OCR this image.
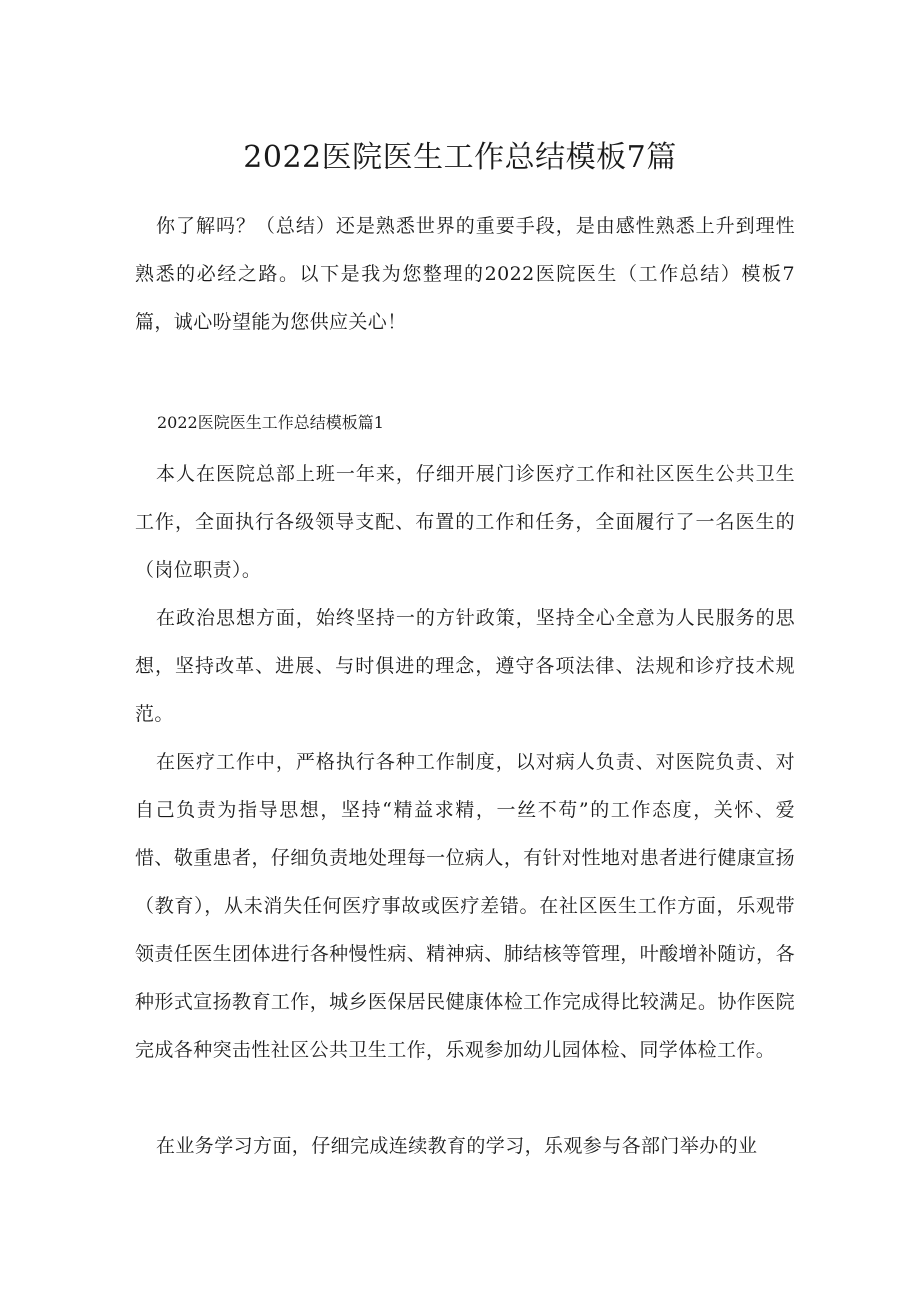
2022医院医生工作总结模板7篇
你了解吗？（总结）还是熟悉世界的重要手段，是由感性熟悉上升到理性熟悉的必经之路。以下是我为您整理的2022医院医生（工作总结）模板7篇，诚心吩望能为您供应关心！
2022医院医生工作总结模板篇1
本人在医院总部上班一年来，仔细开展门诊医疗工作和社区医生公共卫生工作，全面执行各级领导支配、布置的工作和任务，全面履行了一名医生的（岗位职责）。
在政治思想方面，始终坚持一的方针政策，坚持全心全意为人民服务的思想，坚持改革、进展、与时俱进的理念，遵守各项法律、法规和诊疗技术规范。
在医疗工作中，严格执行各种工作制度，以对病人负责、对医院负责、对自己负责为指导思想，坚持“精益求精，一丝不苟”的工作态度，关怀、爱惜、敬重患者，仔细负责地处理每一位病人，有针对性地对患者进行健康宣扬（教育），从未消失任何医疗事故或医疗差错。在社区医生工作方面，乐观带领责任医生团体进行各种慢性病、精神病、肺结核等管理，叶酸增补随访，各种形式宣扬教育工作，城乡医保居民健康体检工作完成得比较满足。协作医院完成各种突击性社区公共卫生工作，乐观参加幼儿园体检、同学体检工作。
在业务学习方面，仔细完成连续教育的学习，乐观参与各部门举办的业
